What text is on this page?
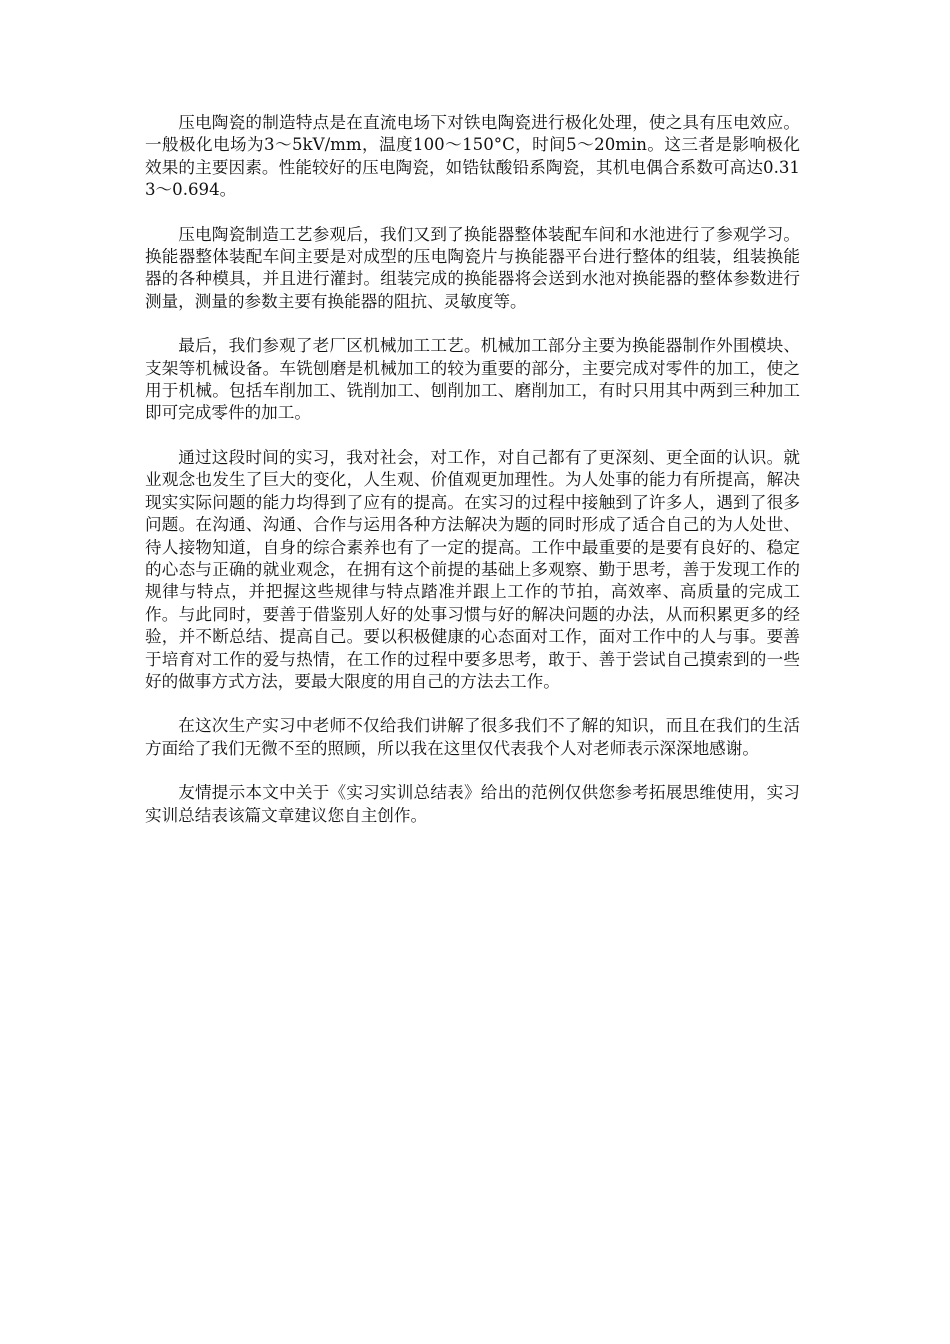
压电陶瓷的制造特点是在直流电场下对铁电陶瓷进行极化处理，使之具有压电效应。一般极化电场为3～5kV/mm，温度100～150°C，时间5～20min。这三者是影响极化效果的主要因素。性能较好的压电陶瓷，如锆钛酸铅系陶瓷，其机电偶合系数可高达0.313～0.694。

压电陶瓷制造工艺参观后，我们又到了换能器整体装配车间和水池进行了参观学习。换能器整体装配车间主要是对成型的压电陶瓷片与换能器平台进行整体的组装，组装换能器的各种模具，并且进行灌封。组装完成的换能器将会送到水池对换能器的整体参数进行测量，测量的参数主要有换能器的阻抗、灵敏度等。

最后，我们参观了老厂区机械加工工艺。机械加工部分主要为换能器制作外围模块、支架等机械设备。车铣刨磨是机械加工的较为重要的部分，主要完成对零件的加工，使之用于机械。包括车削加工、铣削加工、刨削加工、磨削加工，有时只用其中两到三种加工即可完成零件的加工。

通过这段时间的实习，我对社会，对工作，对自己都有了更深刻、更全面的认识。就业观念也发生了巨大的变化，人生观、价值观更加理性。为人处事的能力有所提高，解决现实实际问题的能力均得到了应有的提高。在实习的过程中接触到了许多人，遇到了很多问题。在沟通、沟通、合作与运用各种方法解决为题的同时形成了适合自己的为人处世、待人接物知道，自身的综合素养也有了一定的提高。工作中最重要的是要有良好的、稳定的心态与正确的就业观念，在拥有这个前提的基础上多观察、勤于思考，善于发现工作的规律与特点，并把握这些规律与特点踏准并跟上工作的节拍，高效率、高质量的完成工作。与此同时，要善于借鉴别人好的处事习惯与好的解决问题的办法，从而积累更多的经验，并不断总结、提高自己。要以积极健康的心态面对工作，面对工作中的人与事。要善于培育对工作的爱与热情，在工作的过程中要多思考，敢于、善于尝试自己摸索到的一些好的做事方式方法，要最大限度的用自己的方法去工作。

在这次生产实习中老师不仅给我们讲解了很多我们不了解的知识，而且在我们的生活方面给了我们无微不至的照顾，所以我在这里仅代表我个人对老师表示深深地感谢。

友情提示本文中关于《实习实训总结表》给出的范例仅供您参考拓展思维使用，实习实训总结表该篇文章建议您自主创作。
